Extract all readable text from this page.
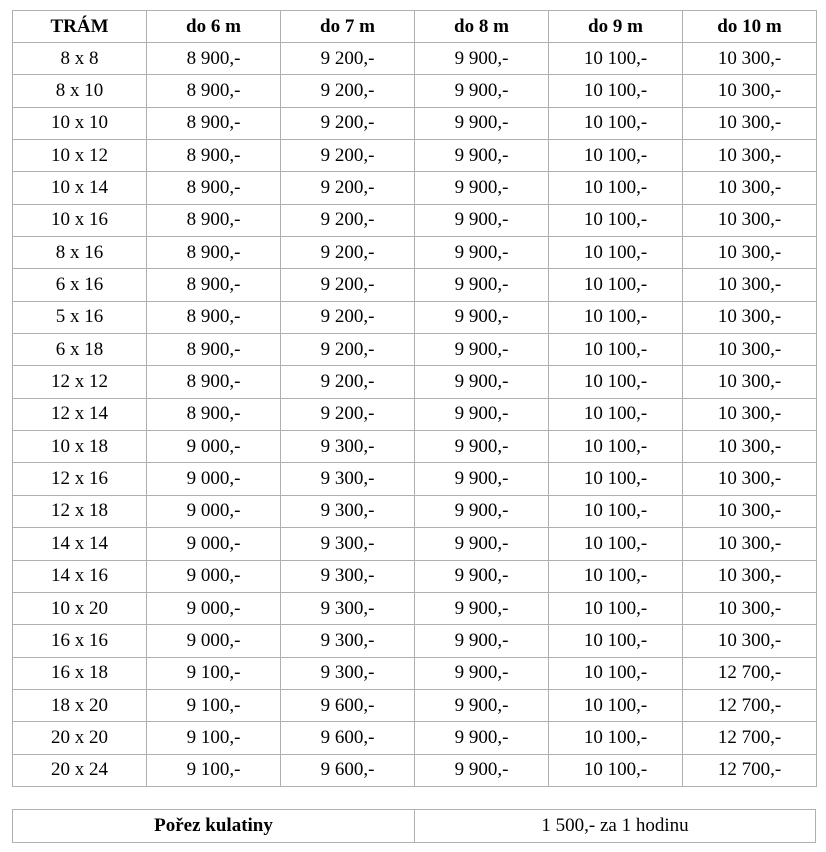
TRÁM	do 6 m	do 7 m	do 8 m	do 9 m	do 10 m
8 x 8	8 900,-	9 200,-	9 900,-	10 100,-	10 300,-
8 x 10	8 900,-	9 200,-	9 900,-	10 100,-	10 300,-
10 x 10	8 900,-	9 200,-	9 900,-	10 100,-	10 300,-
10 x 12	8 900,-	9 200,-	9 900,-	10 100,-	10 300,-
10 x 14	8 900,-	9 200,-	9 900,-	10 100,-	10 300,-
10 x 16	8 900,-	9 200,-	9 900,-	10 100,-	10 300,-
8 x 16	8 900,-	9 200,-	9 900,-	10 100,-	10 300,-
6 x 16	8 900,-	9 200,-	9 900,-	10 100,-	10 300,-
5 x 16	8 900,-	9 200,-	9 900,-	10 100,-	10 300,-
6 x 18	8 900,-	9 200,-	9 900,-	10 100,-	10 300,-
12 x 12	8 900,-	9 200,-	9 900,-	10 100,-	10 300,-
12 x 14	8 900,-	9 200,-	9 900,-	10 100,-	10 300,-
10 x 18	9 000,-	9 300,-	9 900,-	10 100,-	10 300,-
12 x 16	9 000,-	9 300,-	9 900,-	10 100,-	10 300,-
12 x 18	9 000,-	9 300,-	9 900,-	10 100,-	10 300,-
14 x 14	9 000,-	9 300,-	9 900,-	10 100,-	10 300,-
14 x 16	9 000,-	9 300,-	9 900,-	10 100,-	10 300,-
10 x 20	9 000,-	9 300,-	9 900,-	10 100,-	10 300,-
16 x 16	9 000,-	9 300,-	9 900,-	10 100,-	10 300,-
16 x 18	9 100,-	9 300,-	9 900,-	10 100,-	12 700,-
18 x 20	9 100,-	9 600,-	9 900,-	10 100,-	12 700,-
20 x 20	9 100,-	9 600,-	9 900,-	10 100,-	12 700,-
20 x 24	9 100,-	9 600,-	9 900,-	10 100,-	12 700,-
Pořez kulatiny	1 500,- za 1 hodinu
